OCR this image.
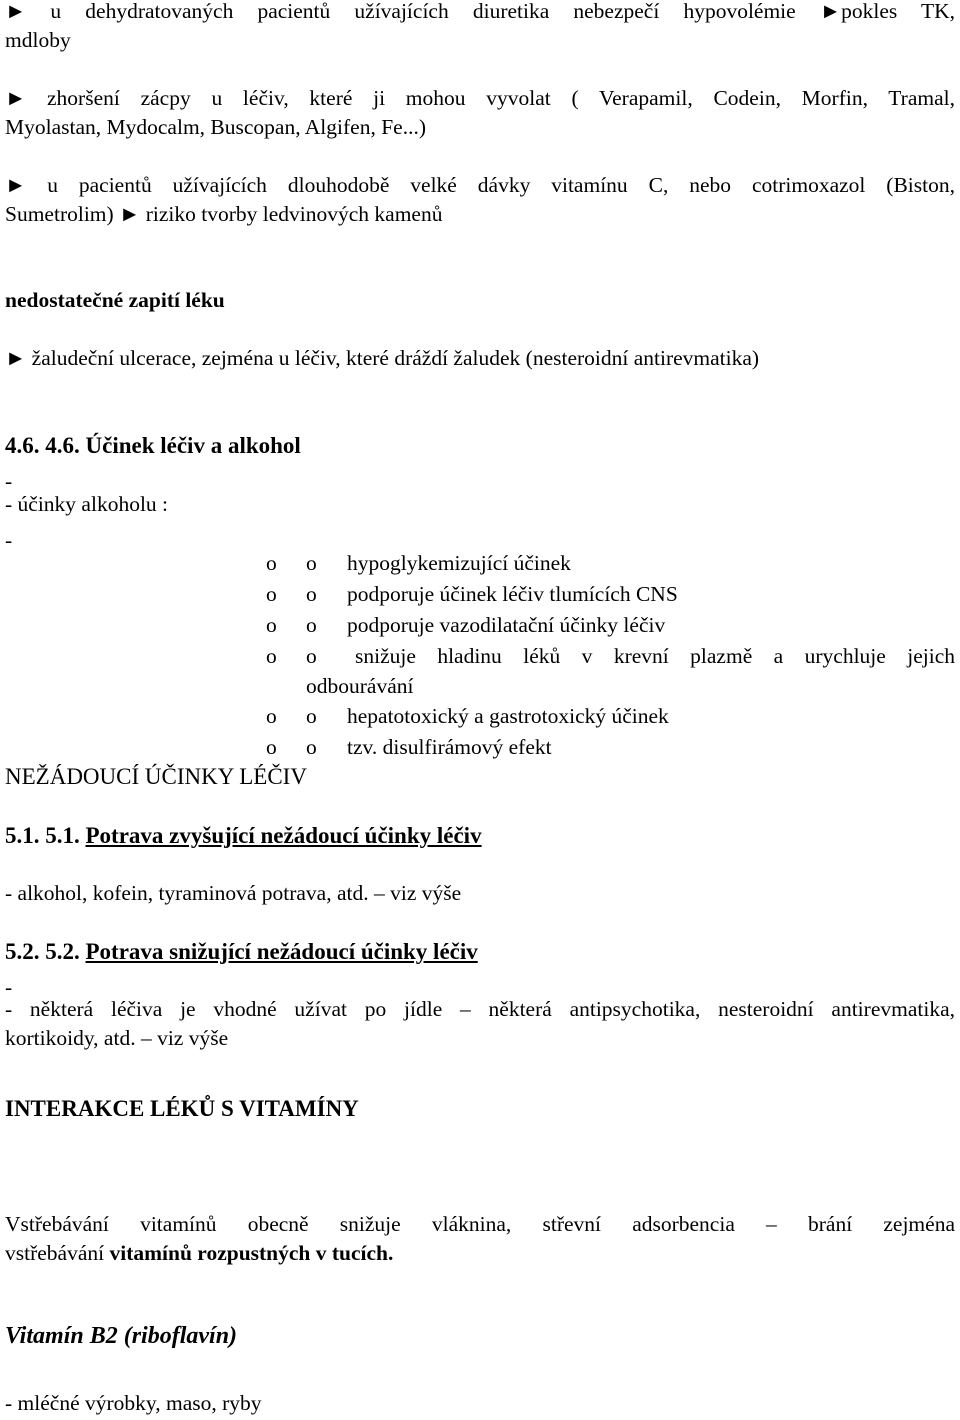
► u dehydratovaných pacientů užívajících diuretika nebezpečí hypovolémie ►pokles TK,
mdloby
► zhoršení zácpy u léčiv, které ji mohou vyvolat ( Verapamil, Codein, Morfin, Tramal,
Myolastan, Mydocalm, Buscopan, Algifen, Fe...)
► u pacientů užívajících dlouhodobě velké dávky vitamínu C, nebo cotrimoxazol (Biston,
Sumetrolim) ► riziko tvorby ledvinových kamenů
nedostatečné zapití léku
► žaludeční ulcerace, zejména u léčiv, které dráždí žaludek (nesteroidní antirevmatika)
4.6. 4.6. Účinek léčiv a alkohol
-
- účinky alkoholu :
-
o o hypoglykemizující účinek
o o podporuje účinek léčiv tlumících CNS
o o podporuje vazodilatační účinky léčiv
o o snižuje hladinu léků v krevní plazmě a urychluje jejich
odbourávání
o o hepatotoxický a gastrotoxický účinek
o o tzv. disulfirámový efekt
NEŽÁDOUCÍ ÚČINKY LÉČIV
5.1. 5.1. Potrava zvyšující nežádoucí účinky léčiv
- alkohol, kofein, tyraminová potrava, atd. – viz výše
5.2. 5.2. Potrava snižující nežádoucí účinky léčiv
-
- některá léčiva je vhodné užívat po jídle – některá antipsychotika, nesteroidní antirevmatika,
kortikoidy, atd. – viz výše
INTERAKCE LÉKŮ S VITAMÍNY
Vstřebávání vitamínů obecně snižuje vláknina, střevní adsorbencia – brání zejména
vstřebávání vitamínů rozpustných v tucích.
Vitamín B2 (riboflavín)
- mléčné výrobky, maso, ryby
